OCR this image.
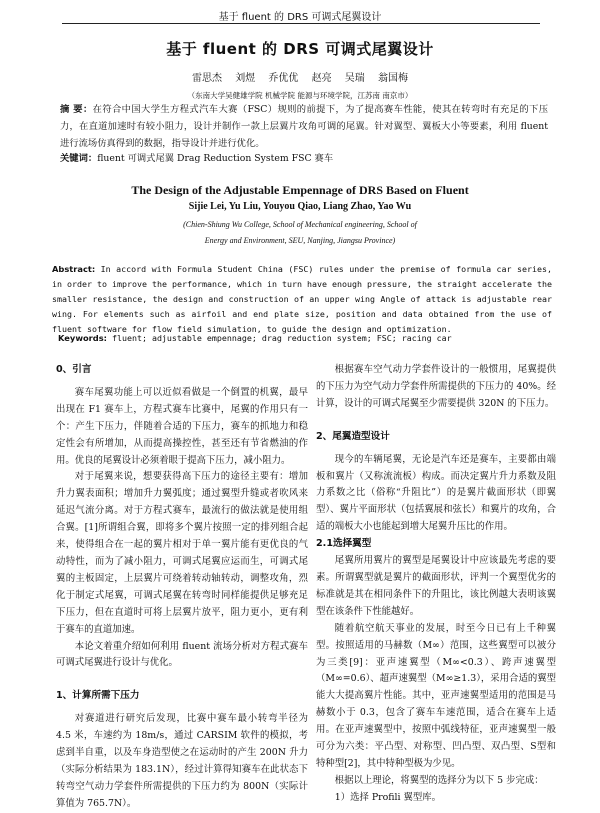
基于 fluent 的 DRS 可调式尾翼设计
基于 fluent 的 DRS 可调式尾翼设计
雷思杰 刘煜 乔优优 赵亮 吴瑞 翁国梅
（东南大学吴健雄学院 机械学院 能源与环境学院，江苏南 南京市）
摘 要：在符合中国大学生方程式汽车大赛（FSC）规则的前提下，为了提高赛车性能，使其在转弯时有充足的下压力，在直道加速时有较小阻力，设计并制作一款上层翼片攻角可调的尾翼。针对翼型、翼板大小等要素，利用 fluent 进行流场仿真得到的数据，指导设计并进行优化。
关键词：fluent 可调式尾翼 Drag Reduction System FSC 赛车
The Design of the Adjustable Empennage of DRS Based on Fluent
Sijie Lei, Yu Liu, Youyou Qiao, Liang Zhao, Yao Wu
(Chien-Shiung Wu College, School of Mechanical engineering, School of
Energy and Environment, SEU, Nanjing, Jiangsu Province)
Abstract: In accord with Formula Student China (FSC) rules under the premise of formula car series, in order to improve the performance, which in turn have enough pressure, the straight accelerate the smaller resistance, the design and construction of an upper wing Angle of attack is adjustable rear wing. For elements such as airfoil and end plate size, position and data obtained from the use of fluent software for flow field simulation, to guide the design and optimization.
Keywords: fluent; adjustable empennage; drag reduction system; FSC; racing car
0、引言

赛车尾翼功能上可以近似看做是一个倒置的机翼，最早出现在 F1 赛车上，方程式赛车比赛中，尾翼的作用只有一个：产生下压力，伴随着合适的下压力，赛车的抓地力和稳定性会有所增加，从而提高操控性，甚至还有节省燃油的作用。优良的尾翼设计必须着眼于提高下压力，减小阻力。

对于尾翼来说，想要获得高下压力的途径主要有：增加升力翼表面积；增加升力翼弧度；通过翼型升缝或者吹风来延迟气流分离。对于方程式赛车，最流行的做法就是使用组合翼。[1]所谓组合翼，即将多个翼片按照一定的排列组合起来，使得组合在一起的翼片相对于单一翼片能有更优良的气动特性，而为了减小阻力，可调式尾翼应运而生，可调式尾翼的主板固定，上层翼片可绕着转动轴转动，调整攻角，烈化于制定式尾翼，可调式尾翼在转弯时同样能提供足够充足下压力，但在直道时可将上层翼片放平，阻力更小，更有利于赛车的直道加速。

本论文着重介绍如何利用 fluent 流场分析对方程式赛车可调式尾翼进行设计与优化。

1、计算所需下压力

对赛道进行研究后发现，比赛中赛车最小转弯半径为 4.5 米，车速约为 18m/s，通过 CARSIM 软件的模拟，考虑到半自重，以及车身造型使之在运动时的产生 200N 升力（实际分析结果为 183.1N），经过计算得知赛车在此状态下转弯空气动力学套件所需提供的下压力约为 800N（实际计算值为 765.7N）。

根据赛车空气动力学套件设计的一般惯用，尾翼提供的下压力为空气动力学套件所需提供的下压力的 40%。经计算，设计的可调式尾翼至少需要提供 320N 的下压力。

2、尾翼造型设计

现今的车辆尾翼，无论是汽车还是赛车，主要都由端板和翼片（又称流流板）构成。而决定翼片升力系数及阻力系数之比（俗称“升阻比”）的是翼片截面形状（即翼型）、翼片平面形状（包括翼展和弦长）和翼片的攻角，合适的端板大小也能起到增大尾翼升压比的作用。

2.1选择翼型

尾翼所用翼片的翼型是尾翼设计中应该最先考虑的要素。所谓翼型就是翼片的截面形状，评判一个翼型优劣的标准就是其在相同条件下的升阻比，该比例越大表明该翼型在该条件下性能越好。

随着航空航天事业的发展，时至今日已有上千种翼型。按照适用的马赫数（M∞）范围，这些翼型可以被分为三类[9]：亚声速翼型（M∞<0.3）、跨声速翼型（M∞=0.6）、超声速翼型（M∞≥1.3），采用合适的翼型能大大提高翼片性能。其中，亚声速翼型适用的范围是马赫数小于 0.3，包含了赛车车速范围，适合在赛车上适用。在亚声速翼型中，按照中弧线特征，亚声速翼型一般可分为六类：平凸型、对称型、凹凸型、双凸型、S型和特种型[2]，其中特种型极为少见。

根据以上理论，将翼型的选择分为以下 5 步完成：

1）选择 Profili 翼型库。
